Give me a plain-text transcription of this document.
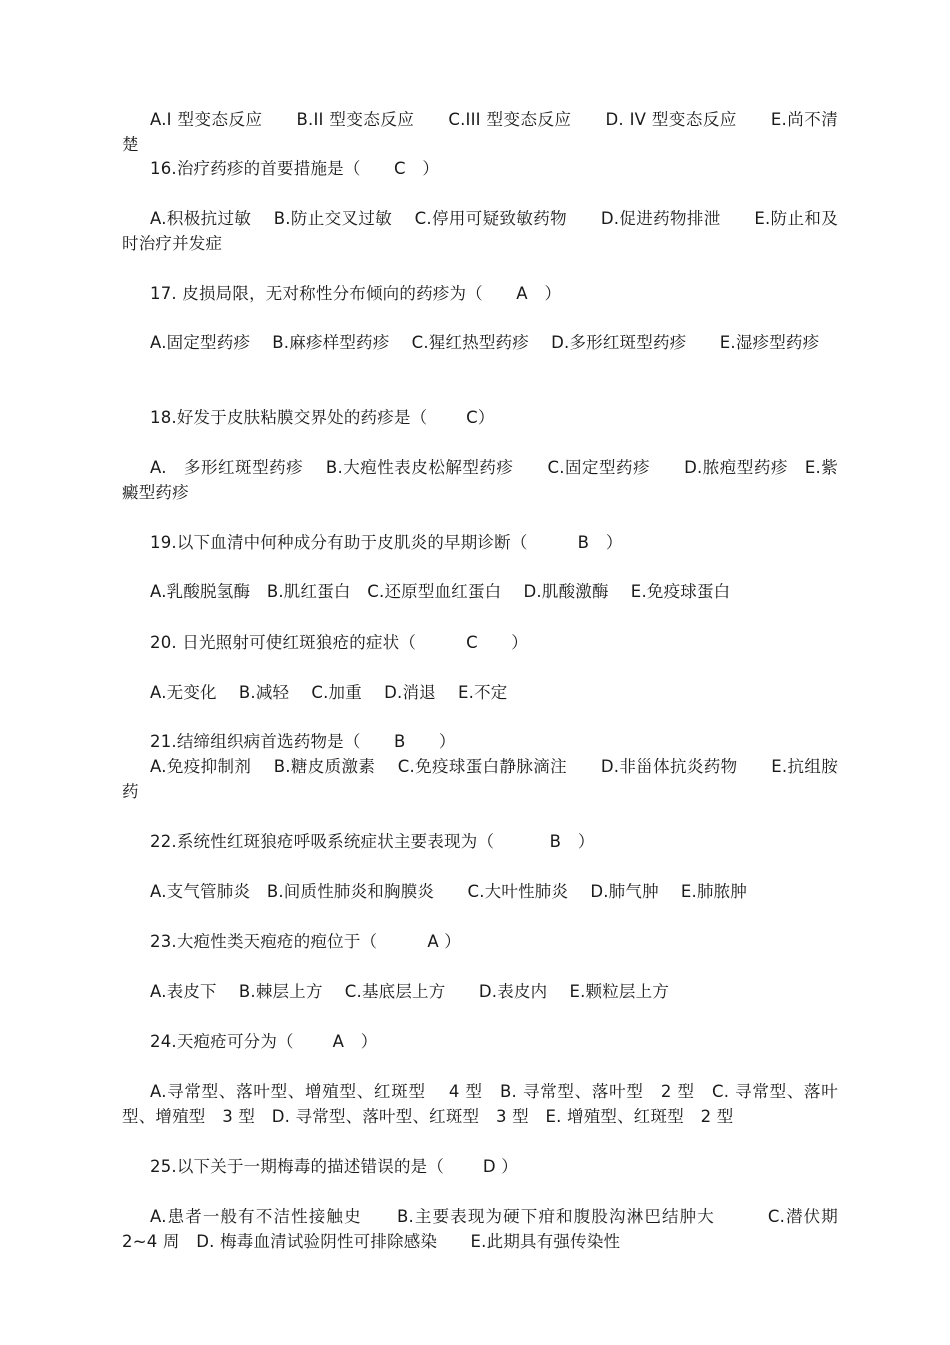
A.I 型变态反应　　B.II 型变态反应　　C.III 型变态反应　　D. IV 型变态反应　　E.尚不清楚
16.治疗药疹的首要措施是（　　C　）
A.积极抗过敏　 B.防止交叉过敏　 C.停用可疑致敏药物　　D.促进药物排泄　　E.防止和及时治疗并发症
17. 皮损局限，无对称性分布倾向的药疹为（　　A　）
A.固定型药疹　 B.麻疹样型药疹　 C.猩红热型药疹　 D.多形红斑型药疹　　E.湿疹型药疹
18.好发于皮肤粘膜交界处的药疹是（　　 C）
A.　多形红斑型药疹　 B.大疱性表皮松解型药疹　　C.固定型药疹　　D.脓疱型药疹　E.紫癜型药疹
19.以下血清中何种成分有助于皮肌炎的早期诊断（　　　B　）
A.乳酸脱氢酶　B.肌红蛋白　C.还原型血红蛋白　 D.肌酸激酶　 E.免疫球蛋白
20. 日光照射可使红斑狼疮的症状（　　　C　　）
A.无变化　 B.减轻　 C.加重　 D.消退　 E.不定
21.结缔组织病首选药物是（　　B　　）
A.免疫抑制剂　 B.糖皮质激素　 C.免疫球蛋白静脉滴注　　D.非甾体抗炎药物　　E.抗组胺药
22.系统性红斑狼疮呼吸系统症状主要表现为（　　　 B　）
A.支气管肺炎　B.间质性肺炎和胸膜炎　　C.大叶性肺炎　 D.肺气肿　 E.肺脓肿
23.大疱性类天疱疮的疱位于（　　　A ）
A.表皮下　 B.棘层上方　 C.基底层上方　　D.表皮内　 E.颗粒层上方
24.天疱疮可分为（　　 A　）
A.寻常型、落叶型、增殖型、红斑型　 4 型　B. 寻常型、落叶型　2 型　C. 寻常型、落叶型、增殖型　3 型　D. 寻常型、落叶型、红斑型　3 型　E. 增殖型、红斑型　2 型
25.以下关于一期梅毒的描述错误的是（　　 D ）
A.患者一般有不洁性接触史　　B.主要表现为硬下疳和腹股沟淋巴结肿大　　　C.潜伏期 2~4 周　D. 梅毒血清试验阴性可排除感染　　E.此期具有强传染性
